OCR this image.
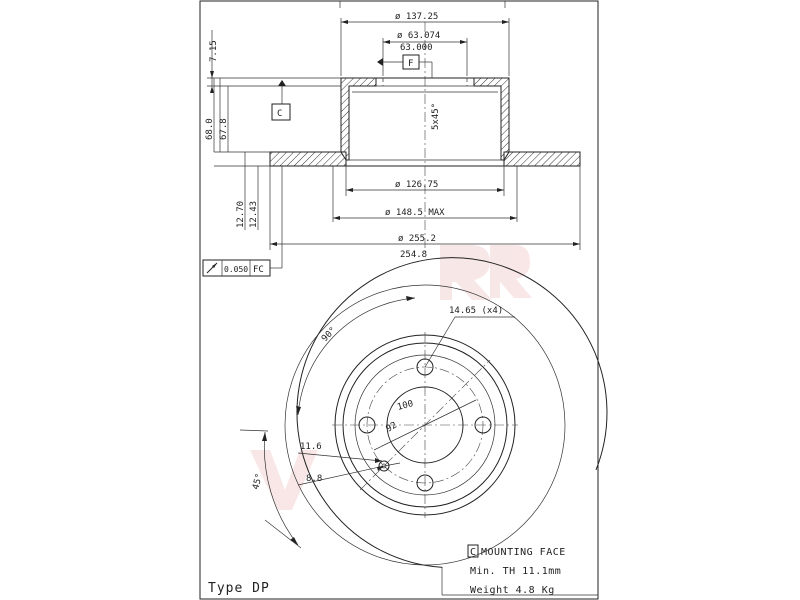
ø 137.25
ø 63.074
63.000
F
5x45°
7.15
68.0 67.8
12.70 12.43
C
ø 126.75
ø 148.5 MAX
ø 255.2
254.8
0.050 FC
90°
45°
14.65 (x4)
100
92
11.6
8.8
C MOUNTING FACE
Min. TH 11.1mm
Weight 4.8 Kg
Type DP
